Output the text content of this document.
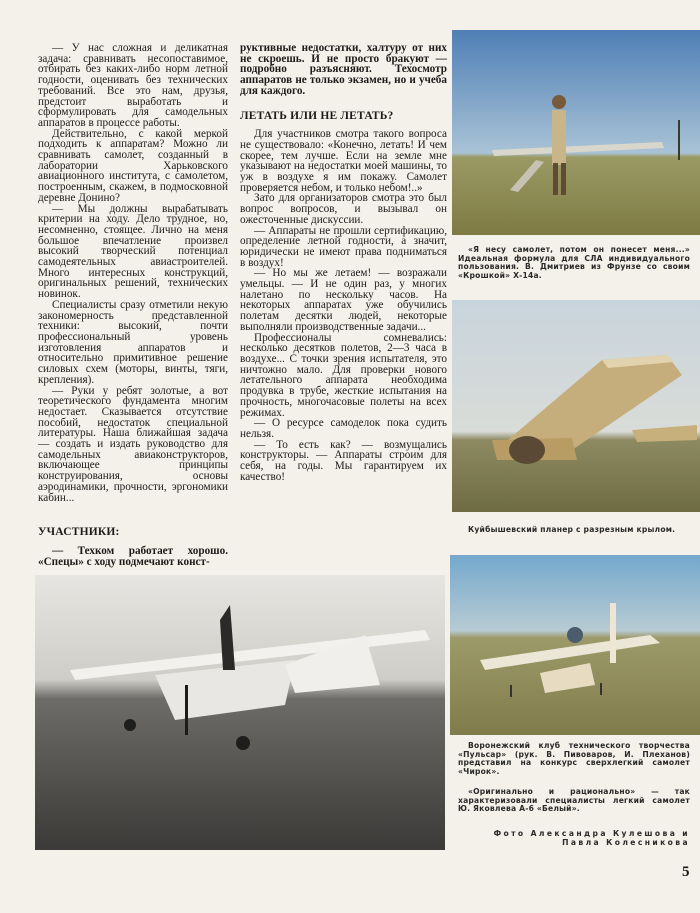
— У нас сложная и деликатная задача: сравнивать несопоставимое, отбирать без каких-либо норм летной годности, оценивать без технических требований. Все это нам, друзья, предстоит выработать и сформулировать для самодельных аппаратов в процессе работы.

Действительно, с какой меркой подходить к аппаратам? Можно ли сравнивать самолет, созданный в лаборатории Харьковского авиационного института, с самолетом, построенным, скажем, в подмосковной деревне Донино?

— Мы должны вырабатывать критерии на ходу. Дело трудное, но, несомненно, стоящее. Лично на меня большое впечатление произвел высокий творческий потенциал самодеятельных авиастроителей. Много интересных конструкций, оригинальных решений, технических новинок.

Специалисты сразу отметили некую закономерность представленной техники: высокий, почти профессиональный уровень изготовления аппаратов и относительно примитивное решение силовых схем (моторы, винты, тяги, крепления).

— Руки у ребят золотые, а вот теоретического фундамента многим недостает. Сказывается отсутствие пособий, недостаток специальной литературы. Наша ближайшая задача — создать и издать руководство для самодельных авиаконструкторов, включающее принципы конструирования, основы аэродинамики, прочности, эргономики кабин...

УЧАСТНИКИ:

— Техком работает хорошо. «Спецы» с ходу подмечают конст-

руктивные недостатки, халтуру от них не скроешь. И не просто бракуют — подробно разъясняют. Техосмотр аппаратов не только экзамен, но и учеба для каждого.

ЛЕТАТЬ ИЛИ НЕ ЛЕТАТЬ?

Для участников смотра такого вопроса не существовало: «Конечно, летать! И чем скорее, тем лучше. Если на земле мне указывают на недостатки моей машины, то уж в воздухе я им покажу. Самолет проверяется небом, и только небом!..»

Зато для организаторов смотра это был вопрос вопросов, и вызывал он ожесточенные дискуссии.

— Аппараты не прошли сертификацию, определение летной годности, а значит, юридически не имеют права подниматься в воздух!

— Но мы же летаем! — возражали умельцы. — И не один раз, у многих налетано по нескольку часов. На некоторых аппаратах уже обучились полетам десятки людей, некоторые выполняли производственные задачи...

Профессионалы сомневались: несколько десятков полетов, 2—3 часа в воздухе... С точки зрения испытателя, это ничтожно мало. Для проверки нового летательного аппарата необходима продувка в трубе, жесткие испытания на прочность, многочасовые полеты на всех режимах.

— О ресурсе самоделок пока судить нельзя.

— То есть как? — возмущались конструкторы. — Аппараты строим для себя, на годы. Мы гарантируем их качество!

«Я несу самолет, потом он понесет меня...» Идеальная формула для СЛА индивидуального пользования. В. Дмитриев из Фрунзе со своим «Крошкой» Х-14а.

Куйбышевский планер с разрезным крылом.

Воронежский клуб технического творчества «Пульсар» (рук. В. Пивоваров, И. Плеханов) представил на конкурс сверхлегкий самолет «Чирок».

«Оригинально и рационально» — так характеризовали специалисты легкий самолет Ю. Яковлева А-6 «Белый».

Фото Александра Кулешова и
Павла Колесникова
5
